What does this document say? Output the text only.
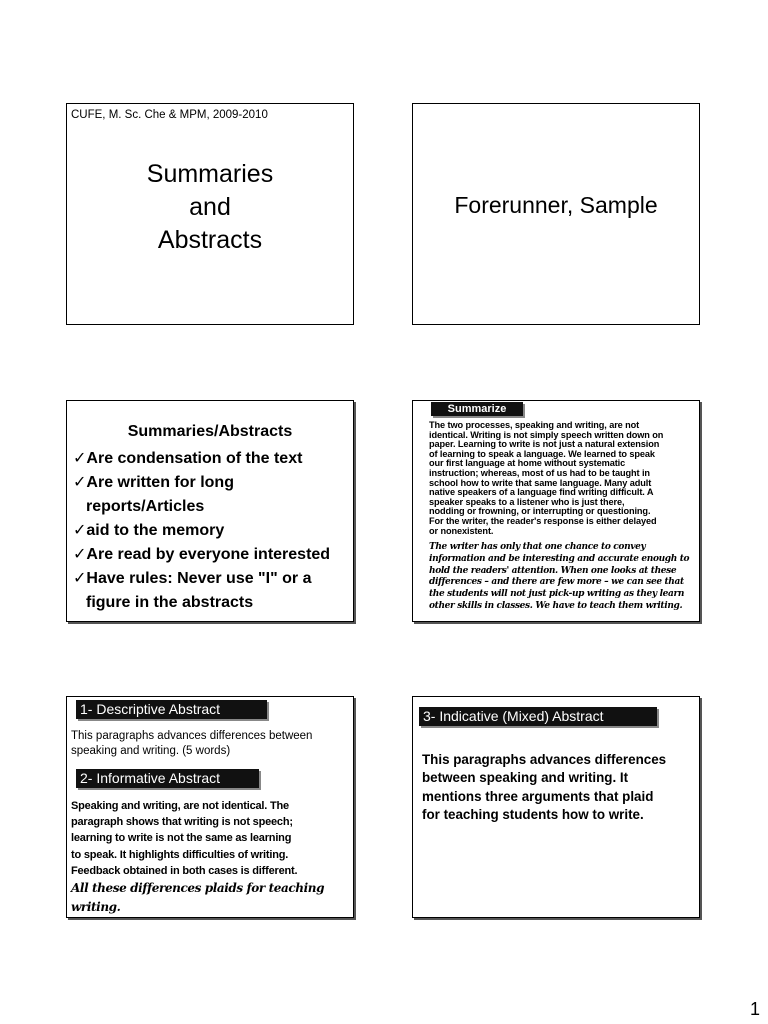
CUFE, M. Sc. Che & MPM, 2009-2010
Summaries
and
Abstracts
Forerunner, Sample
Summaries/Abstracts
✓Are condensation of the text
✓Are written for long
reports/Articles
✓aid to the memory
✓Are read by everyone interested
✓Have rules: Never use "I" or a
figure in the abstracts
Summarize
The two processes, speaking and writing, are not
identical. Writing is not simply speech written down on
paper. Learning to write is not just a natural extension
of learning to speak a language. We learned to speak
our first language at home without systematic
instruction; whereas, most of us had to be taught in
school how to write that same language. Many adult
native speakers of a language find writing difficult. A
speaker speaks to a listener who is just there,
nodding or frowning, or interrupting or questioning.
For the writer, the reader's response is either delayed
or nonexistent.
The writer has only that one chance to convey
information and be interesting and accurate enough to
hold the readers' attention. When one looks at these
differences – and there are few more – we can see that
the students will not just pick-up writing as they learn
other skills in classes. We have to teach them writing.
1- Descriptive Abstract
This paragraphs advances differences between
speaking and writing. (5 words)
2- Informative Abstract
Speaking and writing, are not identical. The
paragraph shows that writing is not speech;
learning to write is not the same as learning
to speak. It highlights difficulties of writing.
Feedback obtained in both cases is different.
All these differences plaids for teaching
writing.
3- Indicative (Mixed) Abstract
This paragraphs advances differences
between speaking and writing. It
mentions three arguments that plaid
for teaching students how to write.
1
